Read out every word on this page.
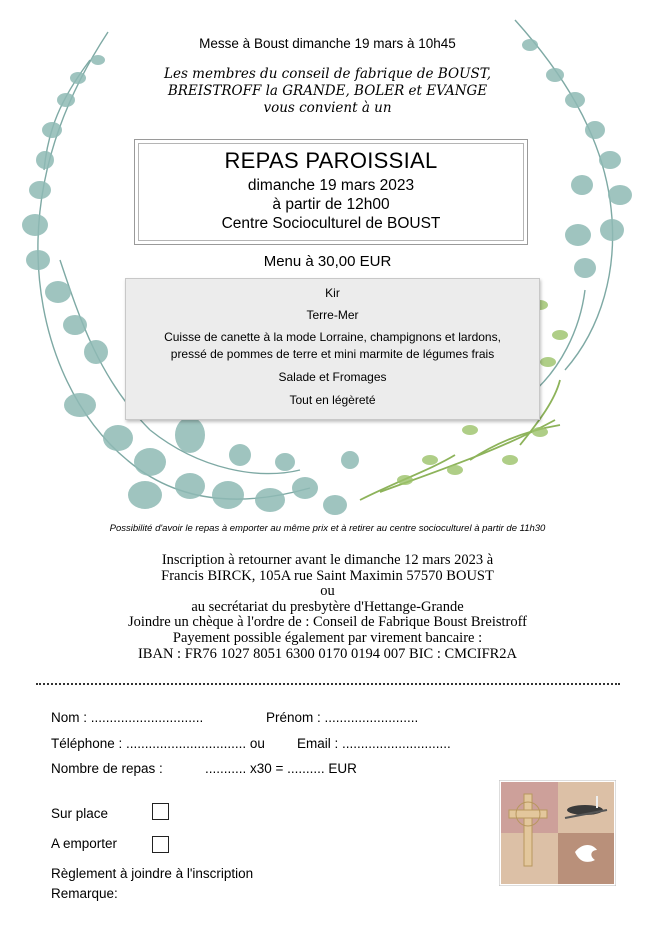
Messe à Boust dimanche 19 mars à 10h45
Les membres du conseil de fabrique de BOUST,
BREISTROFF la GRANDE, BOLER et EVANGE
vous convient à un
REPAS PAROISSIAL
dimanche 19 mars 2023
à partir de 12h00
Centre Socioculturel de BOUST
Menu à 30,00 EUR
Kir
Terre-Mer
Cuisse de canette à la mode Lorraine, champignons et lardons,
pressé de pommes de terre et mini marmite de légumes frais
Salade et Fromages
Tout en légèreté
Possibilité d'avoir le repas à emporter au même prix et à retirer au centre socioculturel à partir de 11h30
Inscription à retourner avant le dimanche 12 mars 2023 à
Francis BIRCK, 105A rue Saint Maximin 57570 BOUST
ou
au secrétariat du presbytère d'Hettange-Grande
Joindre un chèque à l'ordre de : Conseil de Fabrique Boust Breistroff
Payement possible également par virement bancaire :
IBAN : FR76 1027 8051 6300 0170 0194 007 BIC : CMCIFR2A
Nom : ..............................	Prénom : .........................
Téléphone : ................................ ou Email : .............................
Nombre de repas :	........... x30 = .......... EUR
Sur place
A emporter
Règlement à joindre à l'inscription
Remarque:
